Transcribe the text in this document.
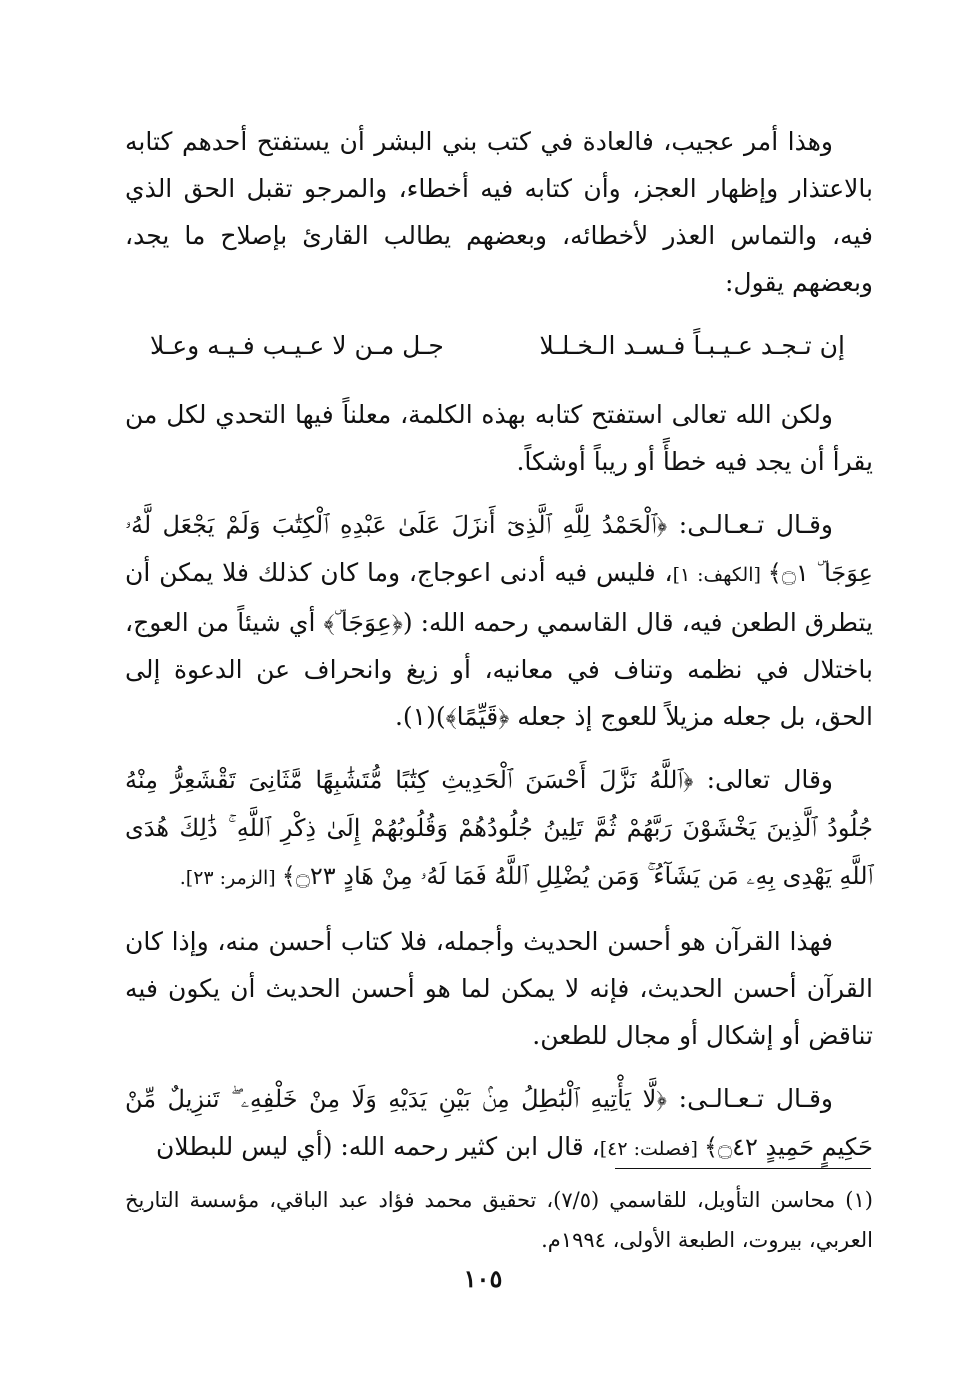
وهذا أمر عجيب، فالعادة في كتب بني البشر أن يستفتح أحدهم كتابه بالاعتذار وإظهار العجز، وأن كتابه فيه أخطاء، والمرجو تقبل الحق الذي فيه، والتماس العذر لأخطائه، وبعضهم يطالب القارئ بإصلاح ما يجد، وبعضهم يقول:

إن تـجـد عـيـبـاً فـسـد الـخـلـلا
جـل مـن لا عـيـب فـيـه وعـلا

ولكن الله تعالى استفتح كتابه بهذه الكلمة، معلناً فيها التحدي لكل من يقرأ أن يجد فيه خطأً أو ريباً أوشكاً.

وقـال تـعـالـى: ﴿ٱلْحَمْدُ لِلَّهِ ٱلَّذِىٓ أَنزَلَ عَلَىٰ عَبْدِهِ ٱلْكِتَٰبَ وَلَمْ يَجْعَل لَّهُۥ عِوَجَا ۜ ۝١﴾ [الكهف: ١]، فليس فيه أدنى اعوجاج، وما كان كذلك فلا يمكن أن يتطرق الطعن فيه، قال القاسمي رحمه الله: (﴿عِوَجَا ۜ﴾ أي شيئاً من العوج، باختلال في نظمه وتناف في معانيه، أو زيغ وانحراف عن الدعوة إلى الحق، بل جعله مزيلاً للعوج إذ جعله ﴿قَيِّمًا﴾)(١).

وقال تعالى: ﴿ٱللَّهُ نَزَّلَ أَحْسَنَ ٱلْحَدِيثِ كِتَٰبًا مُّتَشَٰبِهًا مَّثَانِىَ تَقْشَعِرُّ مِنْهُ جُلُودُ ٱلَّذِينَ يَخْشَوْنَ رَبَّهُمْ ثُمَّ تَلِينُ جُلُودُهُمْ وَقُلُوبُهُمْ إِلَىٰ ذِكْرِ ٱللَّهِ ۚ ذَٰلِكَ هُدَى ٱللَّهِ يَهْدِى بِهِۦ مَن يَشَآءُ ۚ وَمَن يُضْلِلِ ٱللَّهُ فَمَا لَهُۥ مِنْ هَادٍ ۝٢٣﴾ [الزمر: ٢٣].

فهذا القرآن هو أحسن الحديث وأجمله، فلا كتاب أحسن منه، وإذا كان القرآن أحسن الحديث، فإنه لا يمكن لما هو أحسن الحديث أن يكون فيه تناقض أو إشكال أو مجال للطعن.

وقـال تـعـالـى: ﴿لَّا يَأْتِيهِ ٱلْبَٰطِلُ مِنۢ بَيْنِ يَدَيْهِ وَلَا مِنْ خَلْفِهِۦ ۖ تَنزِيلٌ مِّنْ حَكِيمٍ حَمِيدٍ ۝٤٢﴾ [فصلت: ٤٢]، قال ابن كثير رحمه الله: (أي ليس للبطلان

(١) محاسن التأويل، للقاسمي (٧/٥)، تحقيق محمد فؤاد عبد الباقي، مؤسسة التاريخ العربي، بيروت، الطبعة الأولى، ١٩٩٤م.
١٠٥
